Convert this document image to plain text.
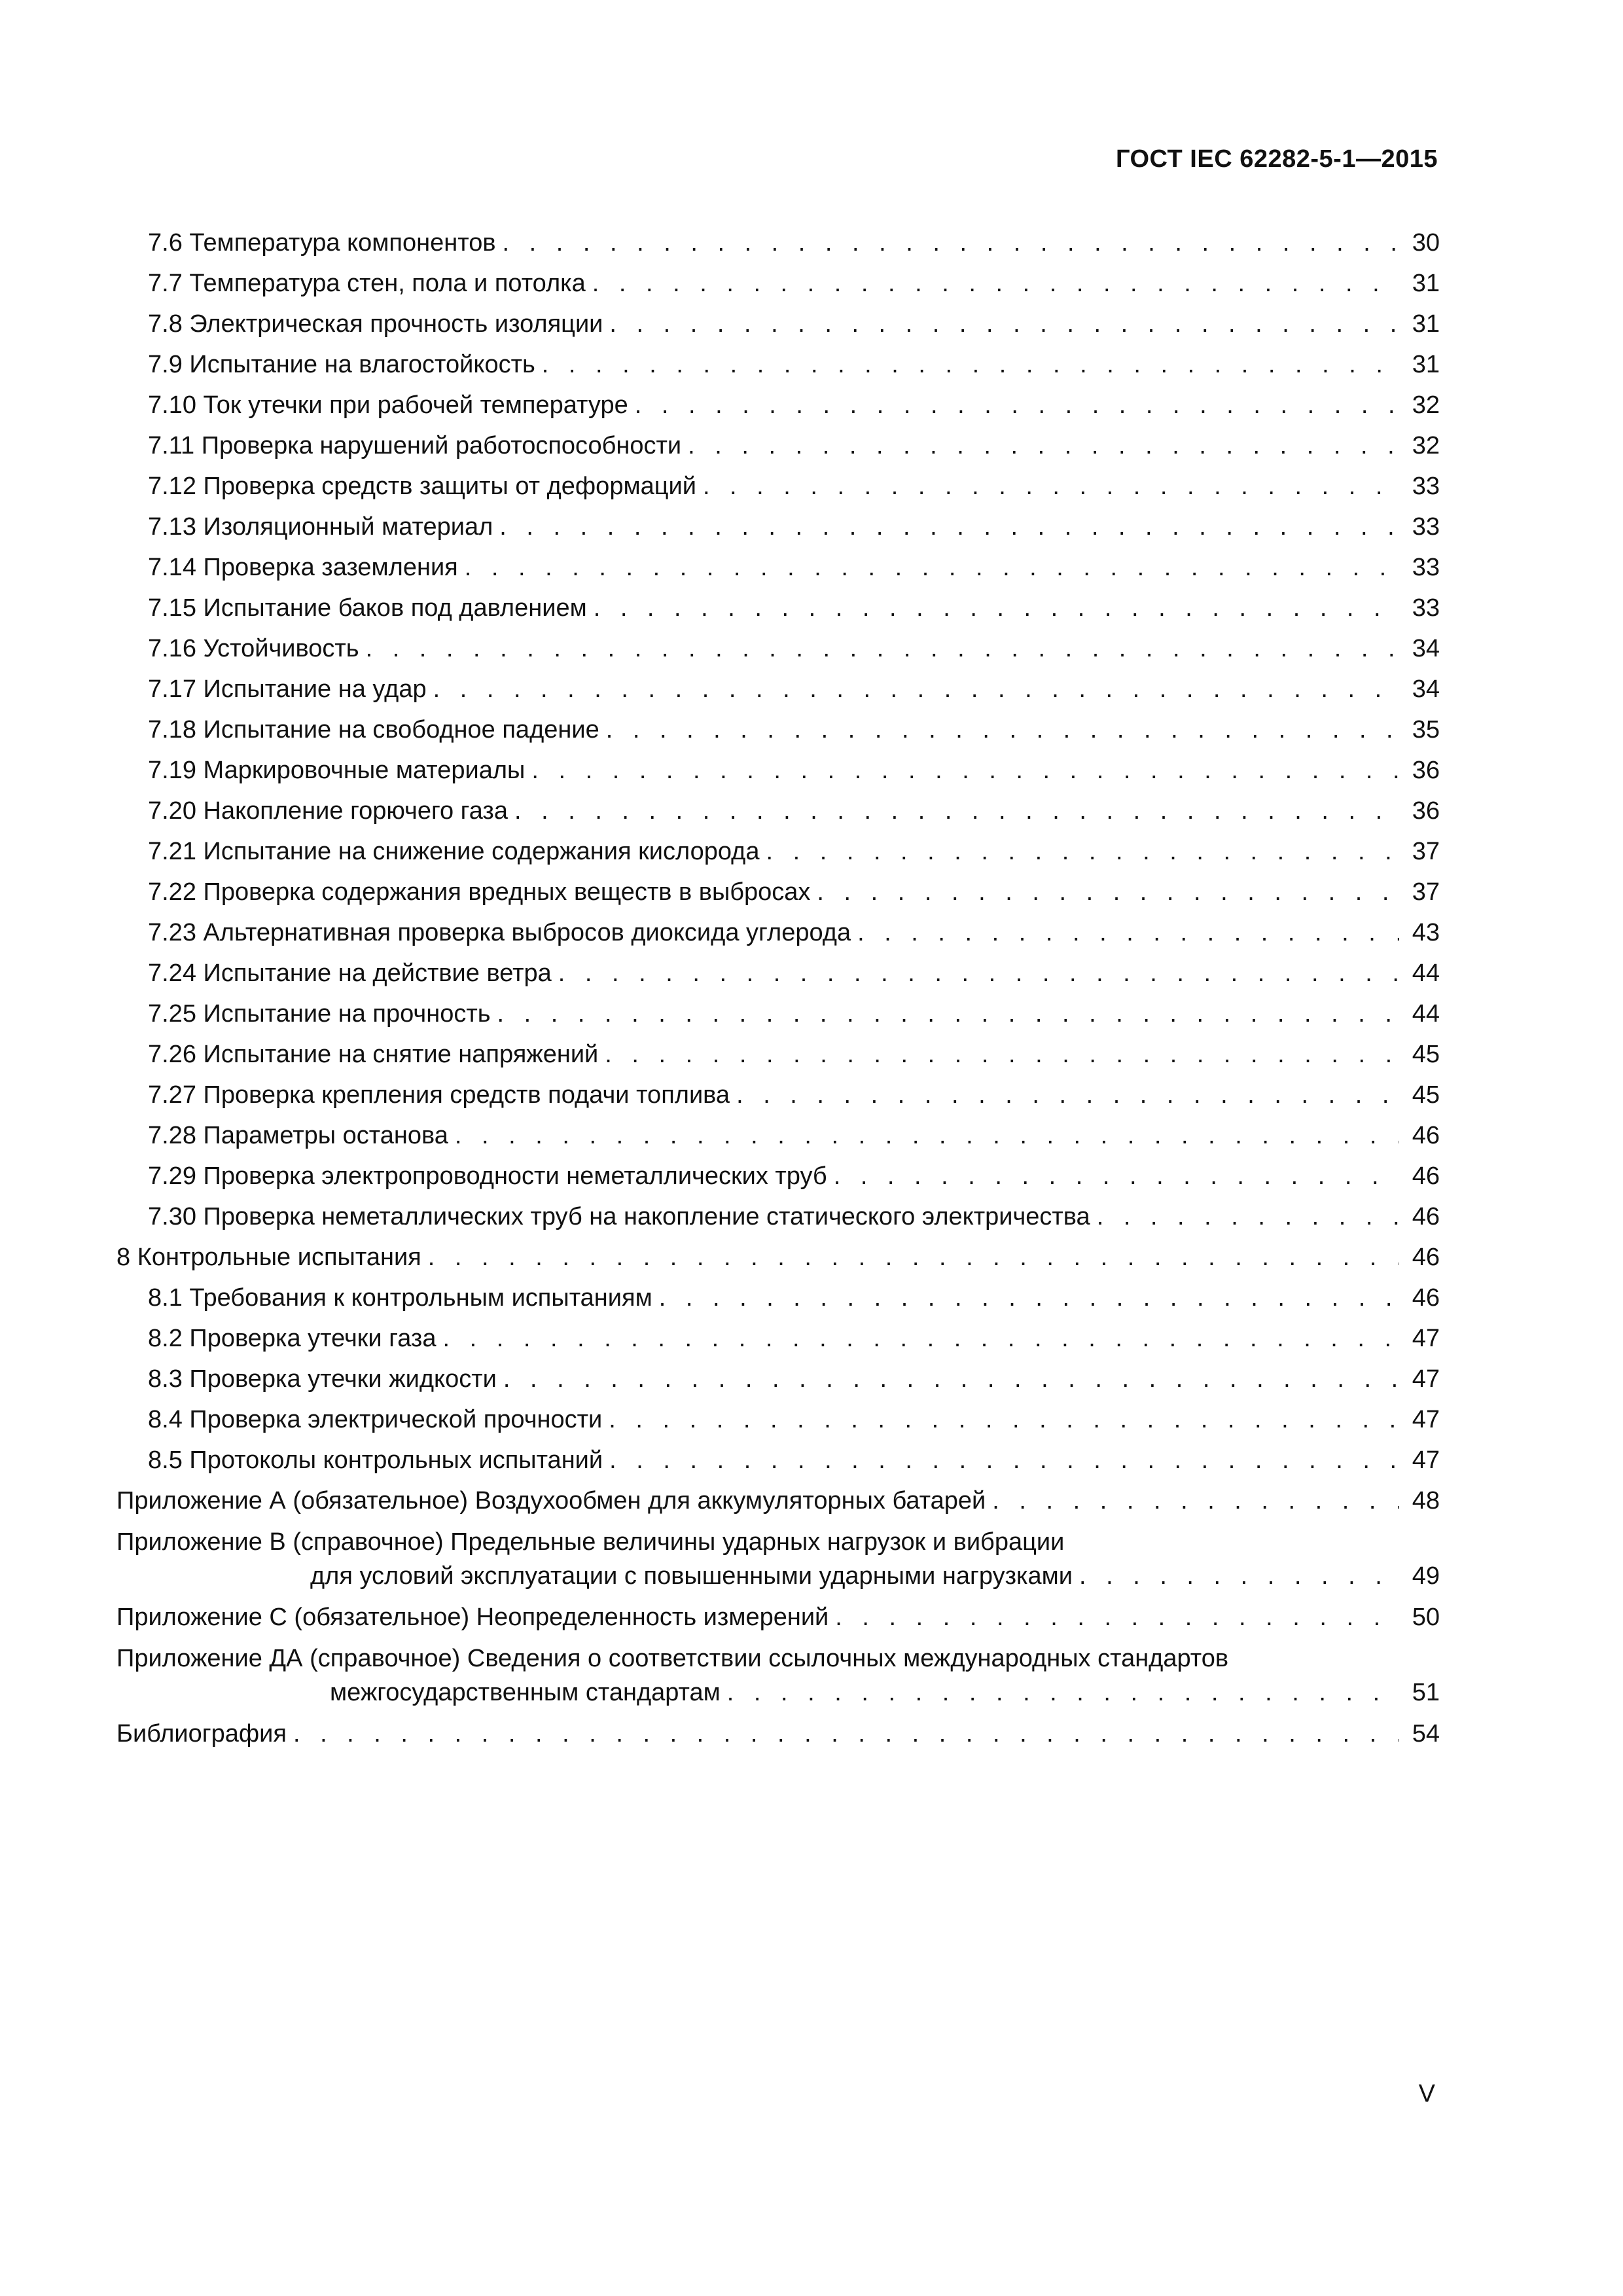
ГОСТ IEC 62282-5-1—2015
7.6 Температура компонентов . . .	30
7.7 Температура стен, пола и потолка . . .	31
7.8 Электрическая прочность изоляции . . .	31
7.9 Испытание на влагостойкость . . .	31
7.10 Ток утечки при рабочей температуре . . .	32
7.11 Проверка нарушений работоспособности . . .	32
7.12 Проверка средств защиты от деформаций . . .	33
7.13 Изоляционный материал . . .	33
7.14 Проверка заземления . . .	33
7.15 Испытание баков под давлением . . .	33
7.16 Устойчивость . . .	34
7.17 Испытание на удар . . .	34
7.18 Испытание на свободное падение . . .	35
7.19 Маркировочные материалы . . .	36
7.20 Накопление горючего газа . . .	36
7.21 Испытание на снижение содержания кислорода . . .	37
7.22 Проверка содержания вредных веществ в выбросах . . .	37
7.23 Альтернативная проверка выбросов диоксида углерода . . .	43
7.24 Испытание на действие ветра . . .	44
7.25 Испытание на прочность . . .	44
7.26 Испытание на снятие напряжений . . .	45
7.27 Проверка крепления средств подачи топлива . . .	45
7.28 Параметры останова . . .	46
7.29 Проверка электропроводности неметаллических труб . . .	46
7.30 Проверка неметаллических труб на накопление статического электричества . . .	46
8 Контрольные испытания . . .	46
8.1 Требования к контрольным испытаниям . . .	46
8.2 Проверка утечки газа . . .	47
8.3 Проверка утечки жидкости . . .	47
8.4 Проверка электрической прочности . . .	47
8.5 Протоколы контрольных испытаний . . .	47
Приложение А (обязательное) Воздухообмен для аккумуляторных батарей . . .	48
Приложение В (справочное) Предельные величины ударных нагрузок и вибрации
для условий эксплуатации с повышенными ударными нагрузками . . .	49
Приложение С (обязательное) Неопределенность измерений . . .	50
Приложение ДА (справочное) Сведения о соответствии ссылочных международных стандартов
межгосударственным стандартам . . .	51
Библиография . . .	54
V
